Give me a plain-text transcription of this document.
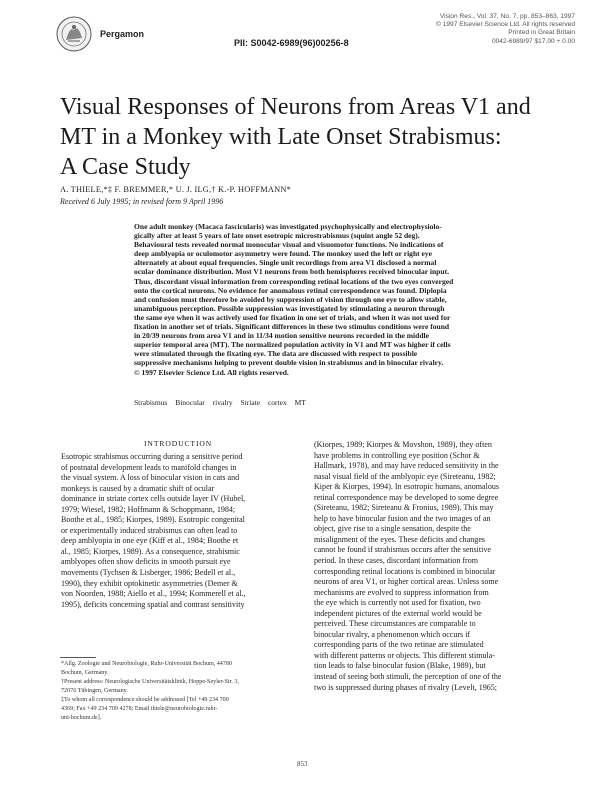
Pergamon
PII: S0042-6989(96)00256-8
Vision Res., Vol. 37, No. 7, pp. 853–863, 1997
© 1997 Elsevier Science Ltd. All rights reserved
Printed in Great Britain
0042-6989/97 $17.00 + 0.00
Visual Responses of Neurons from Areas V1 and
MT in a Monkey with Late Onset Strabismus:
A Case Study
A. THIELE,*‡ F. BREMMER,* U. J. ILG,† K.-P. HOFFMANN*
Received 6 July 1995; in revised form 9 April 1996
One adult monkey (Macaca fascicularis) was investigated psychophysically and electrophysiolo-
gically after at least 5 years of late onset esotropic microstrabismus (squint angle 52 deg).
Behavioural tests revealed normal monocular visual and visuomotor functions. No indications of
deep amblyopia or oculomotor asymmetry were found. The monkey used the left or right eye
alternately at about equal frequencies. Single unit recordings from area V1 disclosed a normal
ocular dominance distribution. Most V1 neurons from both hemispheres received binocular input.
Thus, discordant visual information from corresponding retinal locations of the two eyes converged
onto the cortical neurons. No evidence for anomalous retinal correspondence was found. Diplopia
and confusion must therefore be avoided by suppression of vision through one eye to allow stable,
unambiguous perception. Possible suppression was investigated by stimulating a neuron through
the same eye when it was actively used for fixation in one set of trials, and when it was not used for
fixation in another set of trials. Significant differences in these two stimulus conditions were found
in 20/39 neurons from area V1 and in 11/34 motion sensitive neurons recorded in the middle
superior temporal area (MT). The normalized population activity in V1 and MT was higher if cells
were stimulated through the fixating eye. The data are discussed with respect to possible
suppressive mechanisms helping to prevent double vision in strabismus and in binocular rivalry.
© 1997 Elsevier Science Ltd. All rights reserved.
Strabismus Binocular rivalry Striate cortex MT
INTRODUCTION
Esotropic strabismus occurring during a sensitive period
of postnatal development leads to manifold changes in
the visual system. A loss of binocular vision in cats and
monkeys is caused by a dramatic shift of ocular
dominance in striate cortex cells outside layer IV (Hubel,
1979; Wiesel, 1982; Hoffmann & Schoppmann, 1984;
Boothe et al., 1985; Kiorpes, 1989). Esotropic congenital
or experimentally induced strabismus can often lead to
deep amblyopia in one eye (Kiff et al., 1984; Boothe et
al., 1985; Kiorpes, 1989). As a consequence, strabismic
amblyopes often show deficits in smooth pursuit eye
movements (Tychsen & Lisberger, 1986; Bedell et al.,
1990), they exhibit optokinetic asymmetries (Demer &
von Noorden, 1988; Aiello et al., 1994; Kommerell et al.,
1995), deficits concerning spatial and contrast sensitivity
(Kiorpes, 1989; Kiorpes & Movshon, 1989), they often
have problems in controlling eye position (Schor &
Hallmark, 1978), and may have reduced sensitivity in the
nasal visual field of the amblyopic eye (Sireteanu, 1982;
Kiper & Kiorpes, 1994). In esotropic humans, anomalous
retinal correspondence may be developed to some degree
(Sireteanu, 1982; Sireteanu & Fronius, 1989). This may
help to have binocular fusion and the two images of an
object, give rise to a single sensation, despite the
misalignment of the eyes. These deficits and changes
cannot be found if strabismus occurs after the sensitive
period. In these cases, discordant information from
corresponding retinal locations is combined in binocular
neurons of area V1, or higher cortical areas. Unless some
mechanisms are evolved to suppress information from
the eye which is currently not used for fixation, two
independent pictures of the external world would be
perceived. These circumstances are comparable to
binocular rivalry, a phenomenon which occurs if
corresponding parts of the two retinae are stimulated
with different patterns or objects. This different stimula-
tion leads to false binocular fusion (Blake, 1989), but
instead of seeing both stimuli, the perception of one of the
two is suppressed during phases of rivalry (Levelt, 1965;
*Allg. Zoologie und Neurobiologie, Ruhr-Universität Bochum, 44780
Bochum, Germany.
†Present address: Neurologische Universitätsklinik, Hoppe-Seyler-Str. 3,
72076 Tübingen, Germany.
‡To whom all correspondence should be addressed [Tel +49 234 700
4369; Fax +49 234 709 4278; Email thiele@neurobiologie.ruhr-
uni-bochum.de].
853
